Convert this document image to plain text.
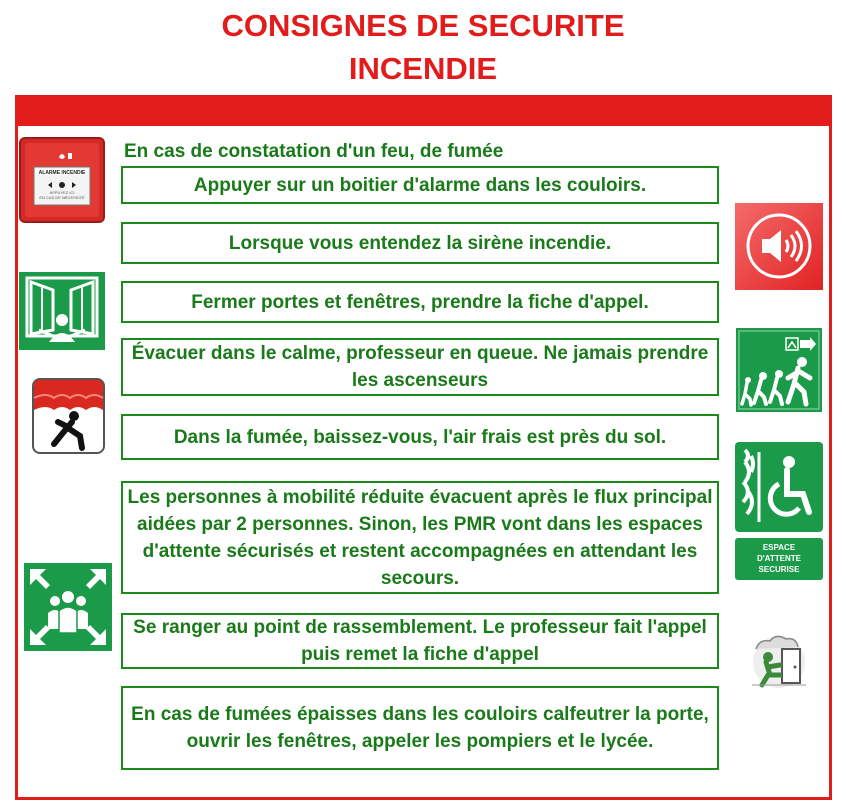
CONSIGNES DE SECURITE
INCENDIE
En cas de constatation d'un feu, de fumée
Appuyer sur un boitier d'alarme dans les couloirs.
Lorsque vous entendez la sirène incendie.
Fermer portes et fenêtres, prendre la fiche d'appel.
Évacuer dans le calme, professeur en queue. Ne jamais prendre les ascenseurs
Dans la fumée, baissez-vous, l'air frais est près du sol.
Les personnes à mobilité réduite évacuent après le flux principal aidées par 2 personnes. Sinon, les PMR vont dans les espaces d'attente sécurisés et restent accompagnées en attendant les secours.
Se ranger au point de rassemblement. Le professeur fait l'appel puis remet la fiche d'appel
En cas de fumées épaisses dans les couloirs calfeutrer la porte, ouvrir les fenêtres, appeler les pompiers et le lycée.
ALARME INCENDIE
APPUYEZ ICI
EN CAS DE NÉCESSITÉ
ESPACE
D'ATTENTE
SECURISE
